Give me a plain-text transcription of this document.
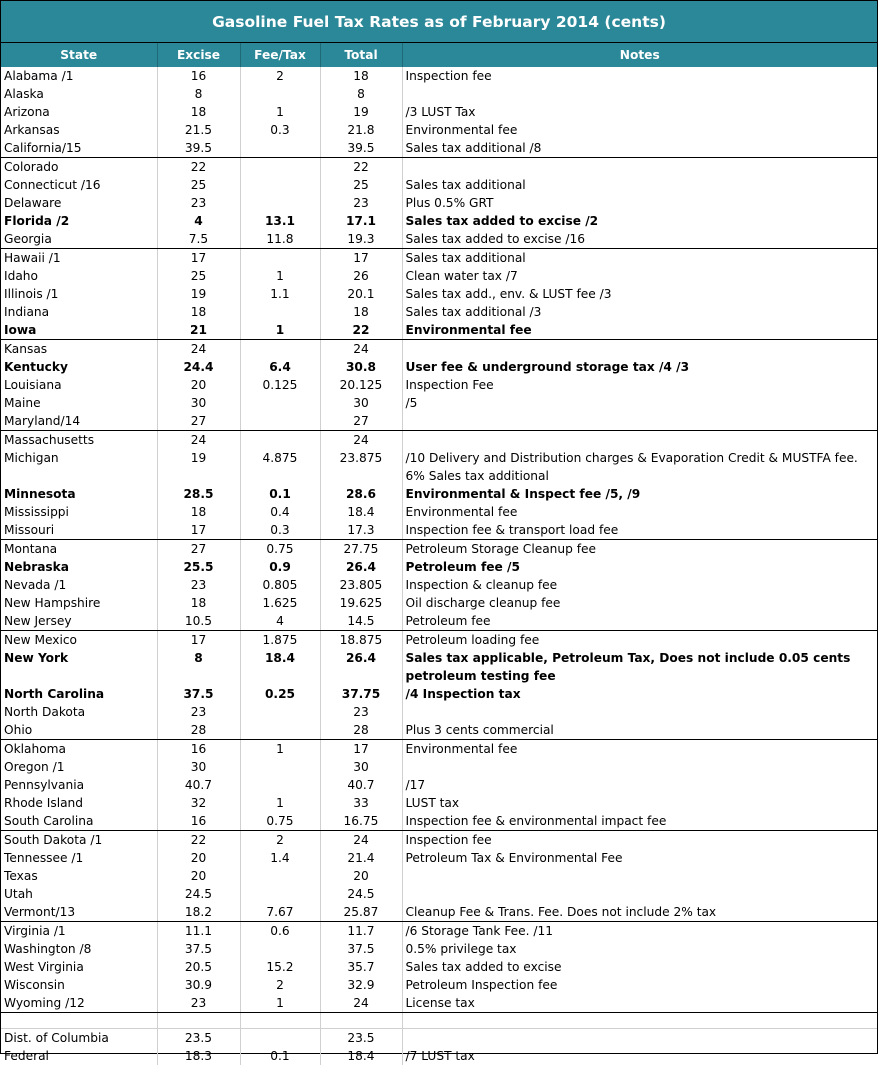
Gasoline Fuel Tax Rates as of February 2014 (cents)
State	Excise	Fee/Tax	Total	Notes
Alabama /1	16	2	18	Inspection fee
Alaska	8		8	
Arizona	18	1	19	/3 LUST Tax
Arkansas	21.5	0.3	21.8	Environmental fee
California/15	39.5		39.5	Sales tax additional /8
Colorado	22		22	
Connecticut /16	25		25	Sales tax additional
Delaware	23		23	Plus 0.5% GRT
Florida /2	4	13.1	17.1	Sales tax added to excise /2
Georgia	7.5	11.8	19.3	Sales tax added to excise /16
Hawaii /1	17		17	Sales tax additional
Idaho	25	1	26	Clean water tax /7
Illinois /1	19	1.1	20.1	Sales tax add., env. & LUST fee /3
Indiana	18		18	Sales tax additional /3
Iowa	21	1	22	Environmental fee
Kansas	24		24	
Kentucky	24.4	6.4	30.8	User fee & underground storage tax /4 /3
Louisiana	20	0.125	20.125	Inspection Fee
Maine	30		30	/5
Maryland/14	27		27	
Massachusetts	24		24	
Michigan	19	4.875	23.875	/10 Delivery and Distribution charges & Evaporation Credit & MUSTFA fee. 6% Sales tax additional
Minnesota	28.5	0.1	28.6	Environmental & Inspect fee /5, /9
Mississippi	18	0.4	18.4	Environmental fee
Missouri	17	0.3	17.3	Inspection fee & transport load fee
Montana	27	0.75	27.75	Petroleum Storage Cleanup fee
Nebraska	25.5	0.9	26.4	Petroleum fee /5
Nevada /1	23	0.805	23.805	Inspection & cleanup fee
New Hampshire	18	1.625	19.625	Oil discharge cleanup fee
New Jersey	10.5	4	14.5	Petroleum fee
New Mexico	17	1.875	18.875	Petroleum loading fee
New York	8	18.4	26.4	Sales tax applicable, Petroleum Tax, Does not include 0.05 cents petroleum testing fee
North Carolina	37.5	0.25	37.75	/4 Inspection tax
North Dakota	23		23	
Ohio	28		28	Plus 3 cents commercial
Oklahoma	16	1	17	Environmental fee
Oregon /1	30		30	
Pennsylvania	40.7		40.7	/17
Rhode Island	32	1	33	LUST tax
South Carolina	16	0.75	16.75	Inspection fee & environmental impact fee
South Dakota /1	22	2	24	Inspection fee
Tennessee /1	20	1.4	21.4	Petroleum Tax & Environmental Fee
Texas	20		20	
Utah	24.5		24.5	
Vermont/13	18.2	7.67	25.87	Cleanup Fee & Trans. Fee. Does not include 2% tax
Virginia /1	11.1	0.6	11.7	/6 Storage Tank Fee. /11
Washington /8	37.5		37.5	0.5% privilege tax
West Virginia	20.5	15.2	35.7	Sales tax added to excise
Wisconsin	30.9	2	32.9	Petroleum Inspection fee
Wyoming /12	23	1	24	License tax

Dist. of Columbia	23.5		23.5	
Federal	18.3	0.1	18.4	/7 LUST tax
